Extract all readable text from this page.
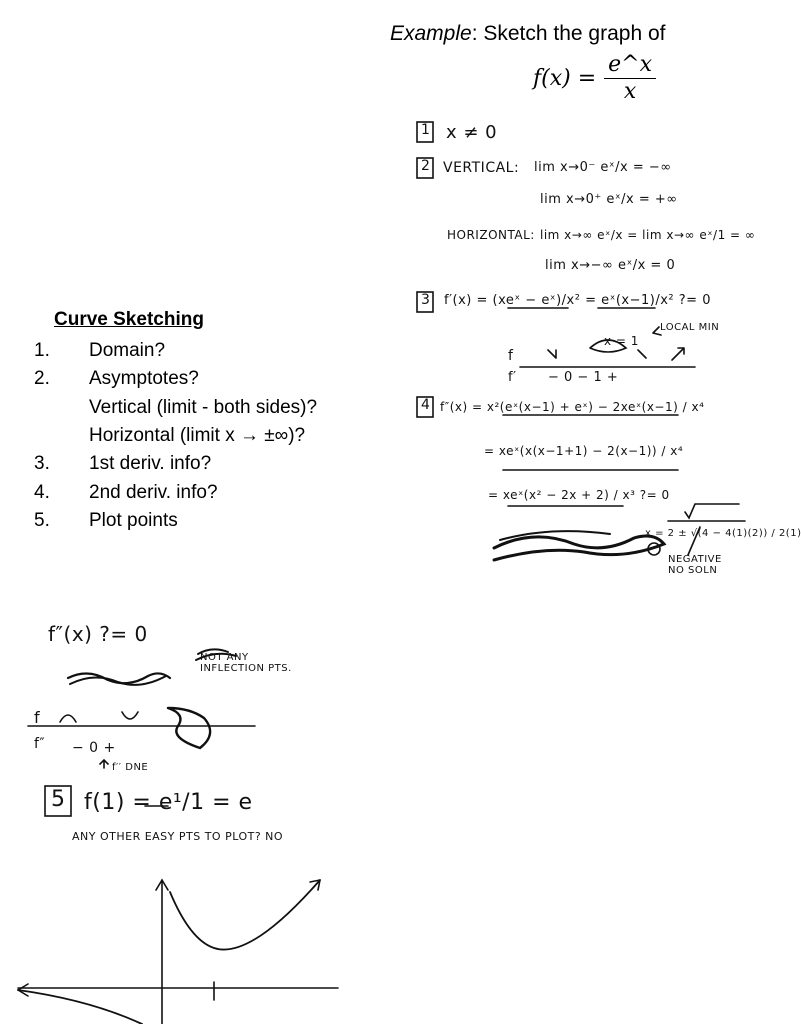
Example: Sketch the graph of
$f(x) = \frac{e\^{}x}{x}$
Curve Sketching
1.	Domain?
2.	Asymptotes?
Vertical (limit - both sides)?
Horizontal (limit x → ±∞)?
3.	1st deriv. info?
4.	2nd deriv. info?
5.	Plot points
1
2
3
4
5
x ≠ 0
VERTICAL: lim x→0⁻ eˣ/x = −∞
lim x→0⁺ eˣ/x = +∞
HORIZONTAL: lim x→∞ eˣ/x = lim x→∞ eˣ/1 = ∞
lim x→−∞ eˣ/x = 0
f′(x) = (xeˣ − eˣ)/x² = eˣ(x−1)/x² ?= 0
LOCAL MIN
x = 1
f
f′ − 0 − 1 +
f″(x) = x²(eˣ(x−1) + eˣ) − 2xeˣ(x−1) / x⁴
= xeˣ(x(x−1+1) − 2(x−1)) / x⁴
= xeˣ(x² − 2x + 2) / x³ ?= 0
x = 2 ± √(4 − 4(1)(2)) / 2(1)
NEGATIVE NO SOLN
f″(x) ?= 0
NOT ANY INFLECTION PTS.
f
f″ − 0 +
f′′ DNE
f(1) = e¹/1 = e
ANY OTHER EASY PTS TO PLOT? NO
